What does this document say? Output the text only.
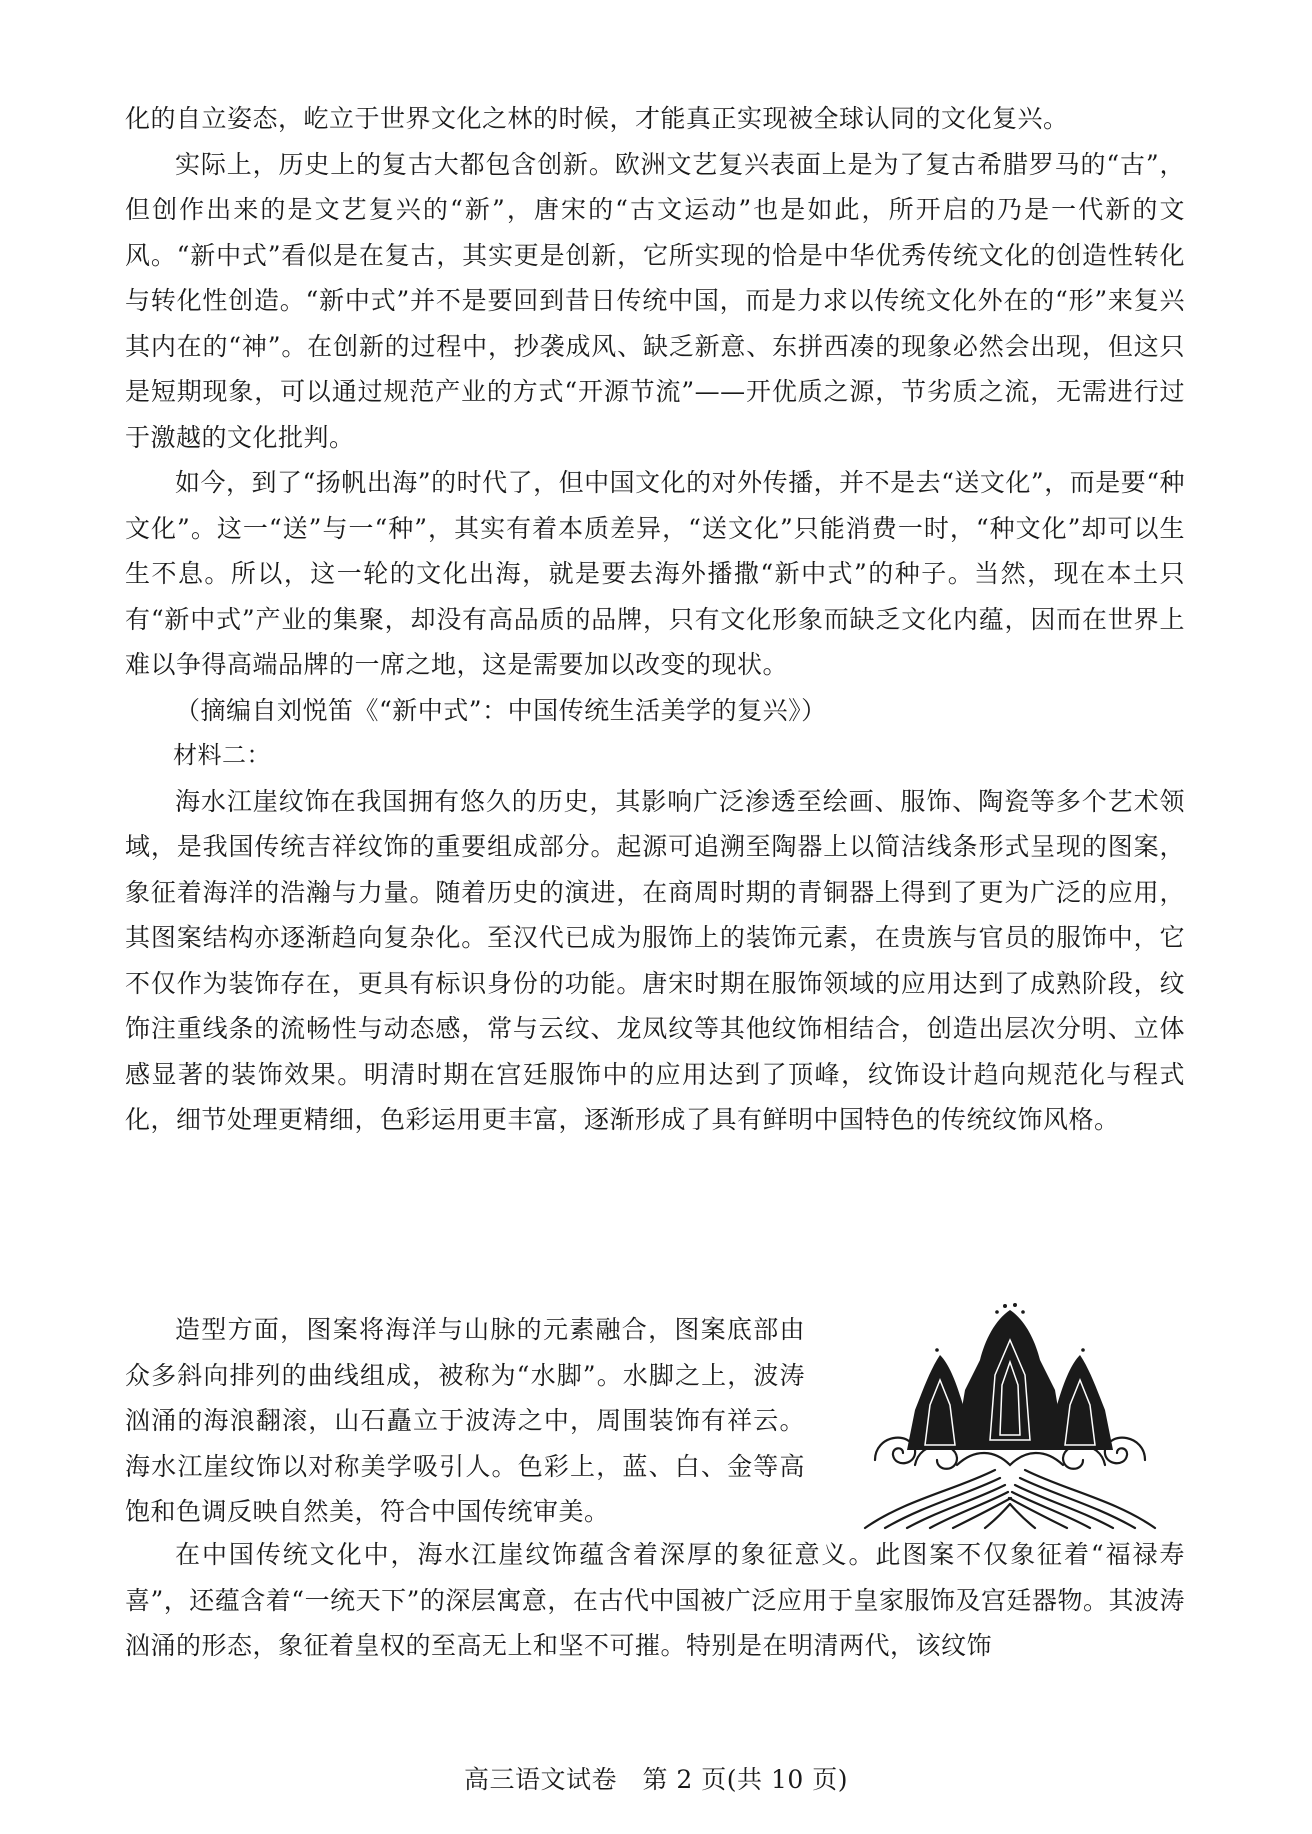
化的自立姿态，屹立于世界文化之林的时候，才能真正实现被全球认同的文化复兴。

实际上，历史上的复古大都包含创新。欧洲文艺复兴表面上是为了复古希腊罗马的“古”，但创作出来的是文艺复兴的“新”，唐宋的“古文运动”也是如此，所开启的乃是一代新的文风。“新中式”看似是在复古，其实更是创新，它所实现的恰是中华优秀传统文化的创造性转化与转化性创造。“新中式”并不是要回到昔日传统中国，而是力求以传统文化外在的“形”来复兴其内在的“神”。在创新的过程中，抄袭成风、缺乏新意、东拼西凑的现象必然会出现，但这只是短期现象，可以通过规范产业的方式“开源节流”——开优质之源，节劣质之流，无需进行过于激越的文化批判。

如今，到了“扬帆出海”的时代了，但中国文化的对外传播，并不是去“送文化”，而是要“种文化”。这一“送”与一“种”，其实有着本质差异，“送文化”只能消费一时，“种文化”却可以生生不息。所以，这一轮的文化出海，就是要去海外播撒“新中式”的种子。当然，现在本土只有“新中式”产业的集聚，却没有高品质的品牌，只有文化形象而缺乏文化内蕴，因而在世界上难以争得高端品牌的一席之地，这是需要加以改变的现状。

（摘编自刘悦笛《“新中式”：中国传统生活美学的复兴》）

材料二：

海水江崖纹饰在我国拥有悠久的历史，其影响广泛渗透至绘画、服饰、陶瓷等多个艺术领域，是我国传统吉祥纹饰的重要组成部分。起源可追溯至陶器上以简洁线条形式呈现的图案，象征着海洋的浩瀚与力量。随着历史的演进，在商周时期的青铜器上得到了更为广泛的应用，其图案结构亦逐渐趋向复杂化。至汉代已成为服饰上的装饰元素，在贵族与官员的服饰中，它不仅作为装饰存在，更具有标识身份的功能。唐宋时期在服饰领域的应用达到了成熟阶段，纹饰注重线条的流畅性与动态感，常与云纹、龙凤纹等其他纹饰相结合，创造出层次分明、立体感显著的装饰效果。明清时期在宫廷服饰中的应用达到了顶峰，纹饰设计趋向规范化与程式化，细节处理更精细，色彩运用更丰富，逐渐形成了具有鲜明中国特色的传统纹饰风格。

造型方面，图案将海洋与山脉的元素融合，图案底部由众多斜向排列的曲线组成，被称为“水脚”。水脚之上，波涛汹涌的海浪翻滚，山石矗立于波涛之中，周围装饰有祥云。海水江崖纹饰以对称美学吸引人。色彩上，蓝、白、金等高饱和色调反映自然美，符合中国传统审美。

在中国传统文化中，海水江崖纹饰蕴含着深厚的象征意义。此图案不仅象征着“福禄寿喜”，还蕴含着“一统天下”的深层寓意，在古代中国被广泛应用于皇家服饰及宫廷器物。其波涛汹涌的形态，象征着皇权的至高无上和坚不可摧。特别是在明清两代，该纹饰

高三语文试卷　第 2 页(共 10 页)
